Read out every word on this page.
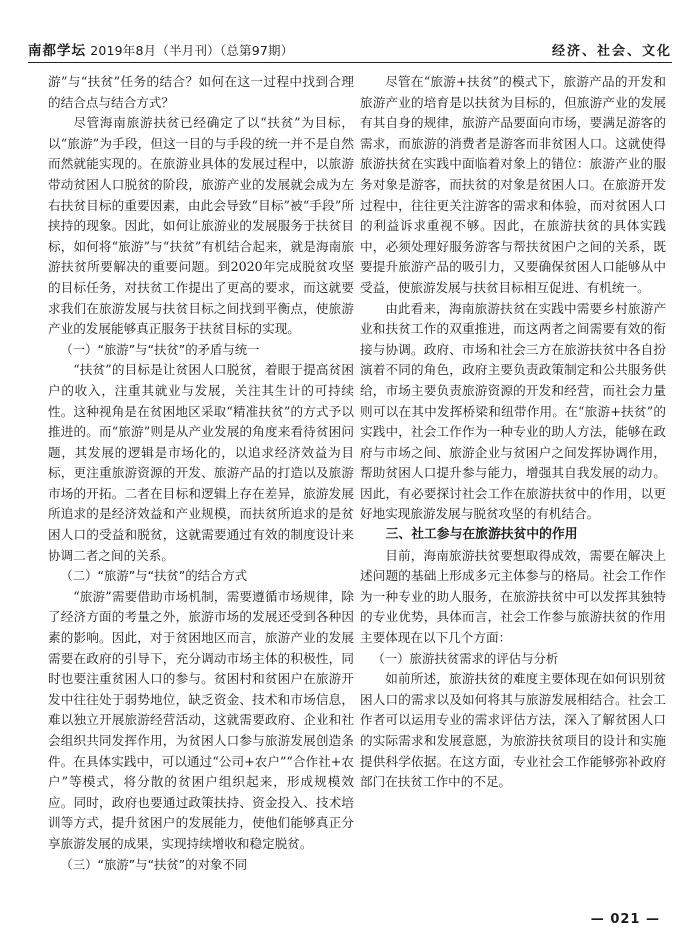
南都学坛 2019年8月（半月刊）（总第97期）	经济、社会、文化

游”与“扶贫”任务的结合？如何在这一过程中找到合理的结合点与结合方式？

尽管海南旅游扶贫已经确定了以“扶贫”为目标，以“旅游”为手段，但这一目的与手段的统一并不是自然而然就能实现的。在旅游业具体的发展过程中，以旅游带动贫困人口脱贫的阶段，旅游产业的发展就会成为左右扶贫目标的重要因素，由此会导致“目标”被“手段”所挟持的现象。因此，如何让旅游业的发展服务于扶贫目标，如何将“旅游”与“扶贫”有机结合起来，就是海南旅游扶贫所要解决的重要问题。到2020年完成脱贫攻坚的目标任务，对扶贫工作提出了更高的要求，而这就要求我们在旅游发展与扶贫目标之间找到平衡点，使旅游产业的发展能够真正服务于扶贫目标的实现。

（一）“旅游”与“扶贫”的矛盾与统一

“扶贫”的目标是让贫困人口脱贫，着眼于提高贫困户的收入，注重其就业与发展，关注其生计的可持续性。这种视角是在贫困地区采取“精准扶贫”的方式予以推进的。而“旅游”则是从产业发展的角度来看待贫困问题，其发展的逻辑是市场化的，以追求经济效益为目标，更注重旅游资源的开发、旅游产品的打造以及旅游市场的开拓。二者在目标和逻辑上存在差异，旅游发展所追求的是经济效益和产业规模，而扶贫所追求的是贫困人口的受益和脱贫，这就需要通过有效的制度设计来协调二者之间的关系。

（二）“旅游”与“扶贫”的结合方式

“旅游”需要借助市场机制，需要遵循市场规律，除了经济方面的考量之外，旅游市场的发展还受到各种因素的影响。因此，对于贫困地区而言，旅游产业的发展需要在政府的引导下，充分调动市场主体的积极性，同时也要注重贫困人口的参与。贫困村和贫困户在旅游开发中往往处于弱势地位，缺乏资金、技术和市场信息，难以独立开展旅游经营活动，这就需要政府、企业和社会组织共同发挥作用，为贫困人口参与旅游发展创造条件。在具体实践中，可以通过“公司+农户”“合作社+农户”等模式，将分散的贫困户组织起来，形成规模效应。同时，政府也要通过政策扶持、资金投入、技术培训等方式，提升贫困户的发展能力，使他们能够真正分享旅游发展的成果，实现持续增收和稳定脱贫。

（三）“旅游”与“扶贫”的对象不同

尽管在“旅游+扶贫”的模式下，旅游产品的开发和旅游产业的培育是以扶贫为目标的，但旅游产业的发展有其自身的规律，旅游产品要面向市场，要满足游客的需求，而旅游的消费者是游客而非贫困人口。这就使得旅游扶贫在实践中面临着对象上的错位：旅游产业的服务对象是游客，而扶贫的对象是贫困人口。在旅游开发过程中，往往更关注游客的需求和体验，而对贫困人口的利益诉求重视不够。因此，在旅游扶贫的具体实践中，必须处理好服务游客与帮扶贫困户之间的关系，既要提升旅游产品的吸引力，又要确保贫困人口能够从中受益，使旅游发展与扶贫目标相互促进、有机统一。

由此看来，海南旅游扶贫在实践中需要乡村旅游产业和扶贫工作的双重推进，而这两者之间需要有效的衔接与协调。政府、市场和社会三方在旅游扶贫中各自扮演着不同的角色，政府主要负责政策制定和公共服务供给，市场主要负责旅游资源的开发和经营，而社会力量则可以在其中发挥桥梁和纽带作用。在“旅游+扶贫”的实践中，社会工作作为一种专业的助人方法，能够在政府与市场之间、旅游企业与贫困户之间发挥协调作用，帮助贫困人口提升参与能力，增强其自我发展的动力。因此，有必要探讨社会工作在旅游扶贫中的作用，以更好地实现旅游发展与脱贫攻坚的有机结合。

三、社工参与在旅游扶贫中的作用

目前，海南旅游扶贫要想取得成效，需要在解决上述问题的基础上形成多元主体参与的格局。社会工作作为一种专业的助人服务，在旅游扶贫中可以发挥其独特的专业优势，具体而言，社会工作参与旅游扶贫的作用主要体现在以下几个方面：

（一）旅游扶贫需求的评估与分析

如前所述，旅游扶贫的难度主要体现在如何识别贫困人口的需求以及如何将其与旅游发展相结合。社会工作者可以运用专业的需求评估方法，深入了解贫困人口的实际需求和发展意愿，为旅游扶贫项目的设计和实施提供科学依据。在这方面，专业社会工作能够弥补政府部门在扶贫工作中的不足。

— 021 —
